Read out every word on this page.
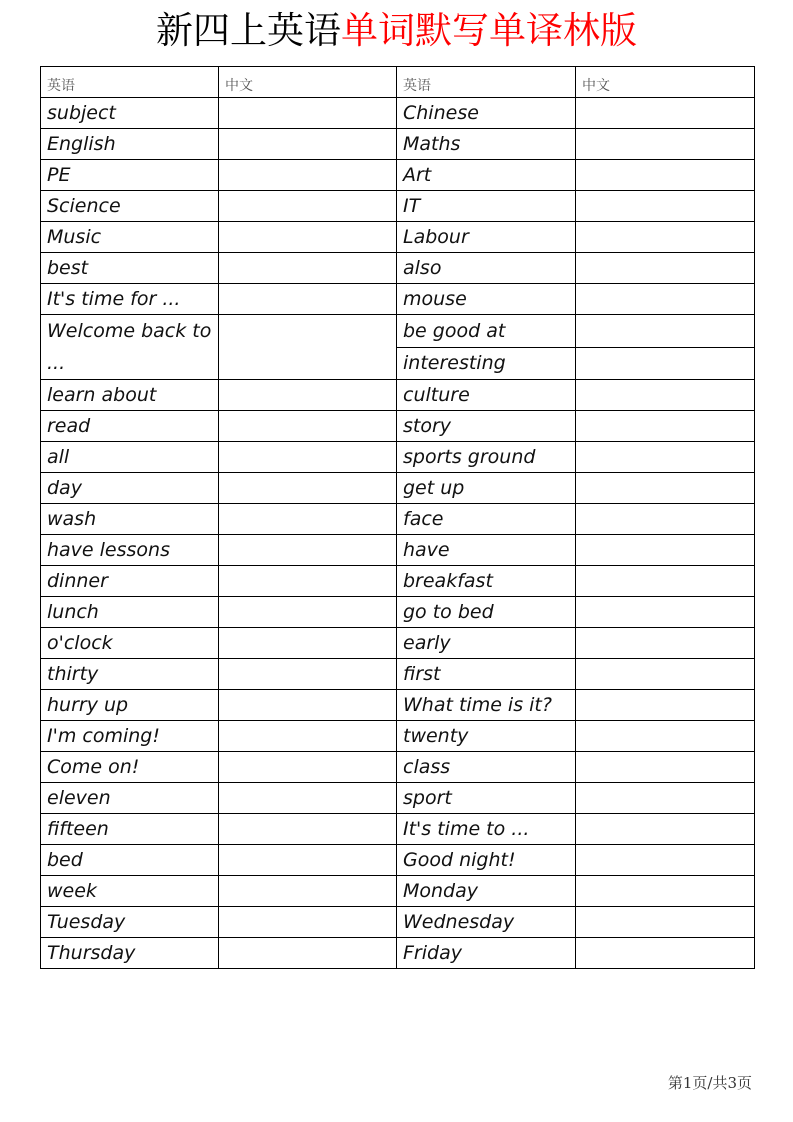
新四上英语单词默写单译林版
英语	中文	英语	中文
subject		Chinese	
English		Maths	
PE		Art	
Science		IT	
Music		Labour	
best		also	
It's time for ...		mouse	
Welcome back to ...		be good at	
		interesting	
learn about		culture	
read		story	
all		sports ground	
day		get up	
wash		face	
have lessons		have	
dinner		breakfast	
lunch		go to bed	
o'clock		early	
thirty		first	
hurry up		What time is it?	
I'm coming!		twenty	
Come on!		class	
eleven		sport	
fifteen		It's time to ...	
bed		Good night!	
week		Monday	
Tuesday		Wednesday	
Thursday		Friday	
第1页/共3页
